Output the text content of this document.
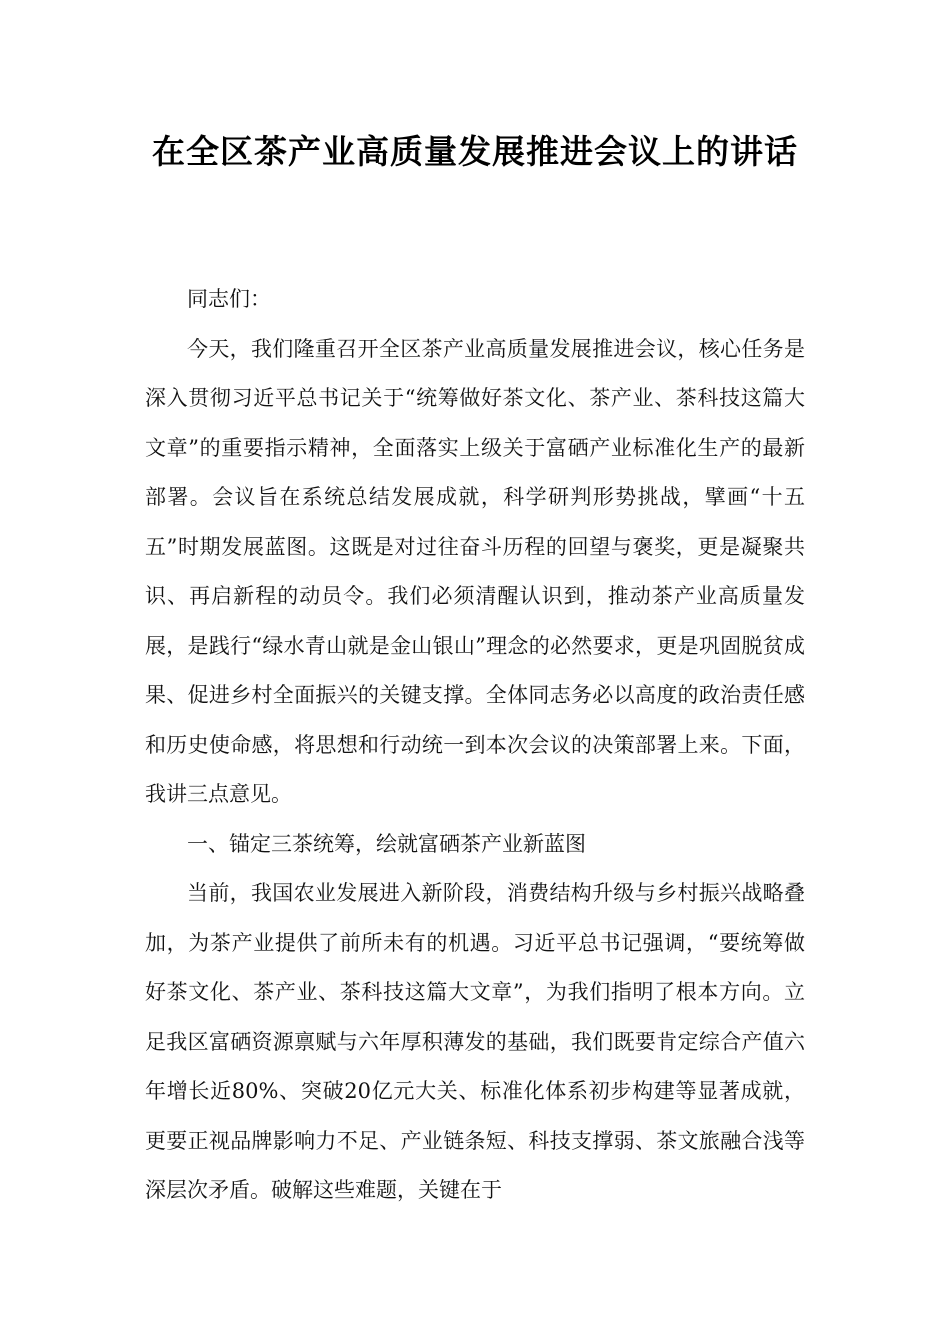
在全区茶产业高质量发展推进会议上的讲话

同志们：

今天，我们隆重召开全区茶产业高质量发展推进会议，核心任务是深入贯彻习近平总书记关于“统筹做好茶文化、茶产业、茶科技这篇大文章”的重要指示精神，全面落实上级关于富硒产业标准化生产的最新部署。会议旨在系统总结发展成就，科学研判形势挑战，擘画“十五五”时期发展蓝图。这既是对过往奋斗历程的回望与褒奖，更是凝聚共识、再启新程的动员令。我们必须清醒认识到，推动茶产业高质量发展，是践行“绿水青山就是金山银山”理念的必然要求，更是巩固脱贫成果、促进乡村全面振兴的关键支撑。全体同志务必以高度的政治责任感和历史使命感，将思想和行动统一到本次会议的决策部署上来。下面，我讲三点意见。

一、锚定三茶统筹，绘就富硒茶产业新蓝图

当前，我国农业发展进入新阶段，消费结构升级与乡村振兴战略叠加，为茶产业提供了前所未有的机遇。习近平总书记强调，“要统筹做好茶文化、茶产业、茶科技这篇大文章”，为我们指明了根本方向。立足我区富硒资源禀赋与六年厚积薄发的基础，我们既要肯定综合产值六年增长近80%、突破20亿元大关、标准化体系初步构建等显著成就，更要正视品牌影响力不足、产业链条短、科技支撑弱、茶文旅融合浅等深层次矛盾。破解这些难题，关键在于
